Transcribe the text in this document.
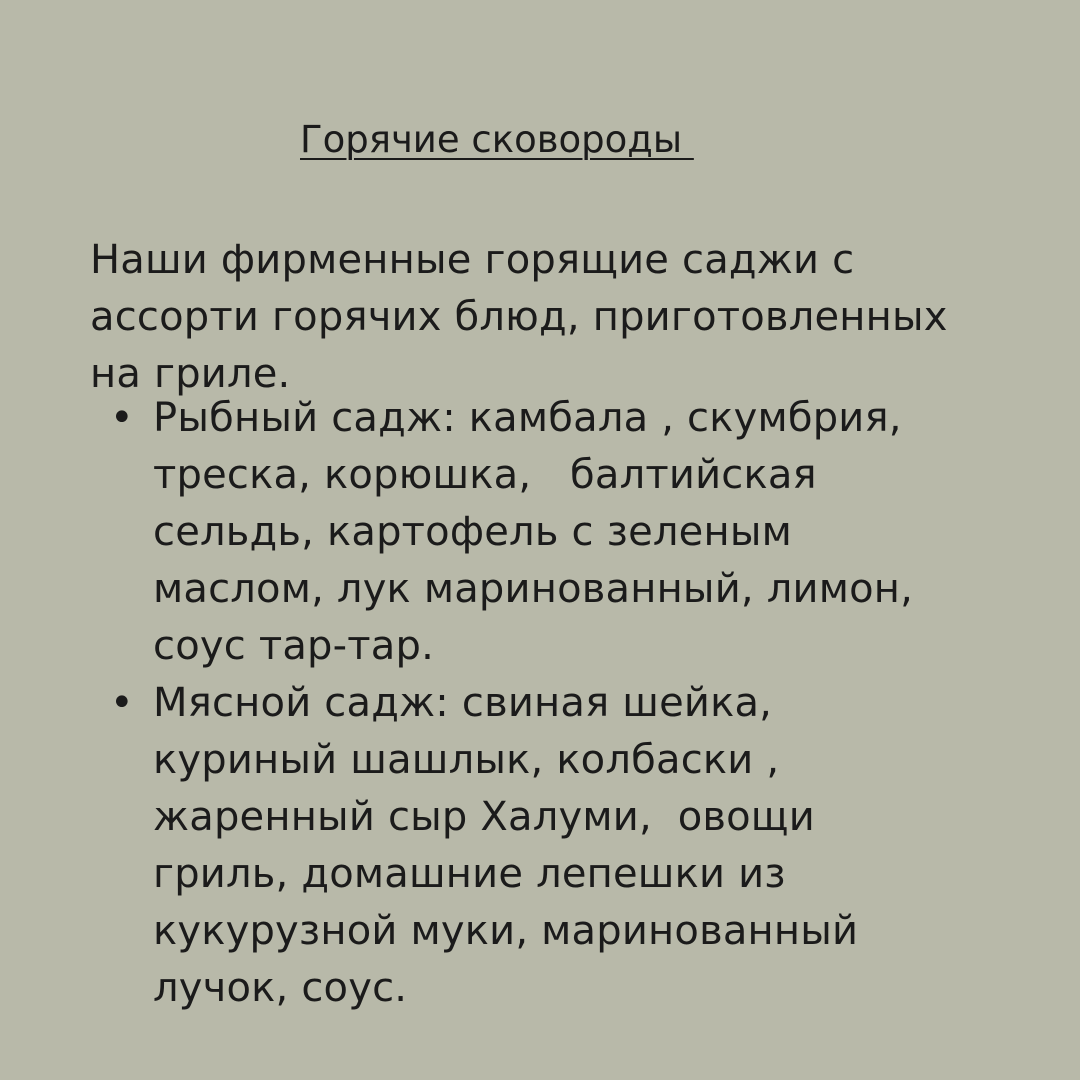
Горячие сковороды
Наши фирменные горящие саджи с
ассорти горячих блюд, приготовленных
на гриле.
• Рыбный садж: камбала , скумбрия,
треска, корюшка,   балтийская
сельдь, картофель с зеленым
маслом, лук маринованный, лимон,
соус тар-тар.
• Мясной садж: свиная шейка,
куриный шашлык, колбаски ,
жаренный сыр Халуми,  овощи
гриль, домашние лепешки из
кукурузной муки, маринованный
лучок, соус.
